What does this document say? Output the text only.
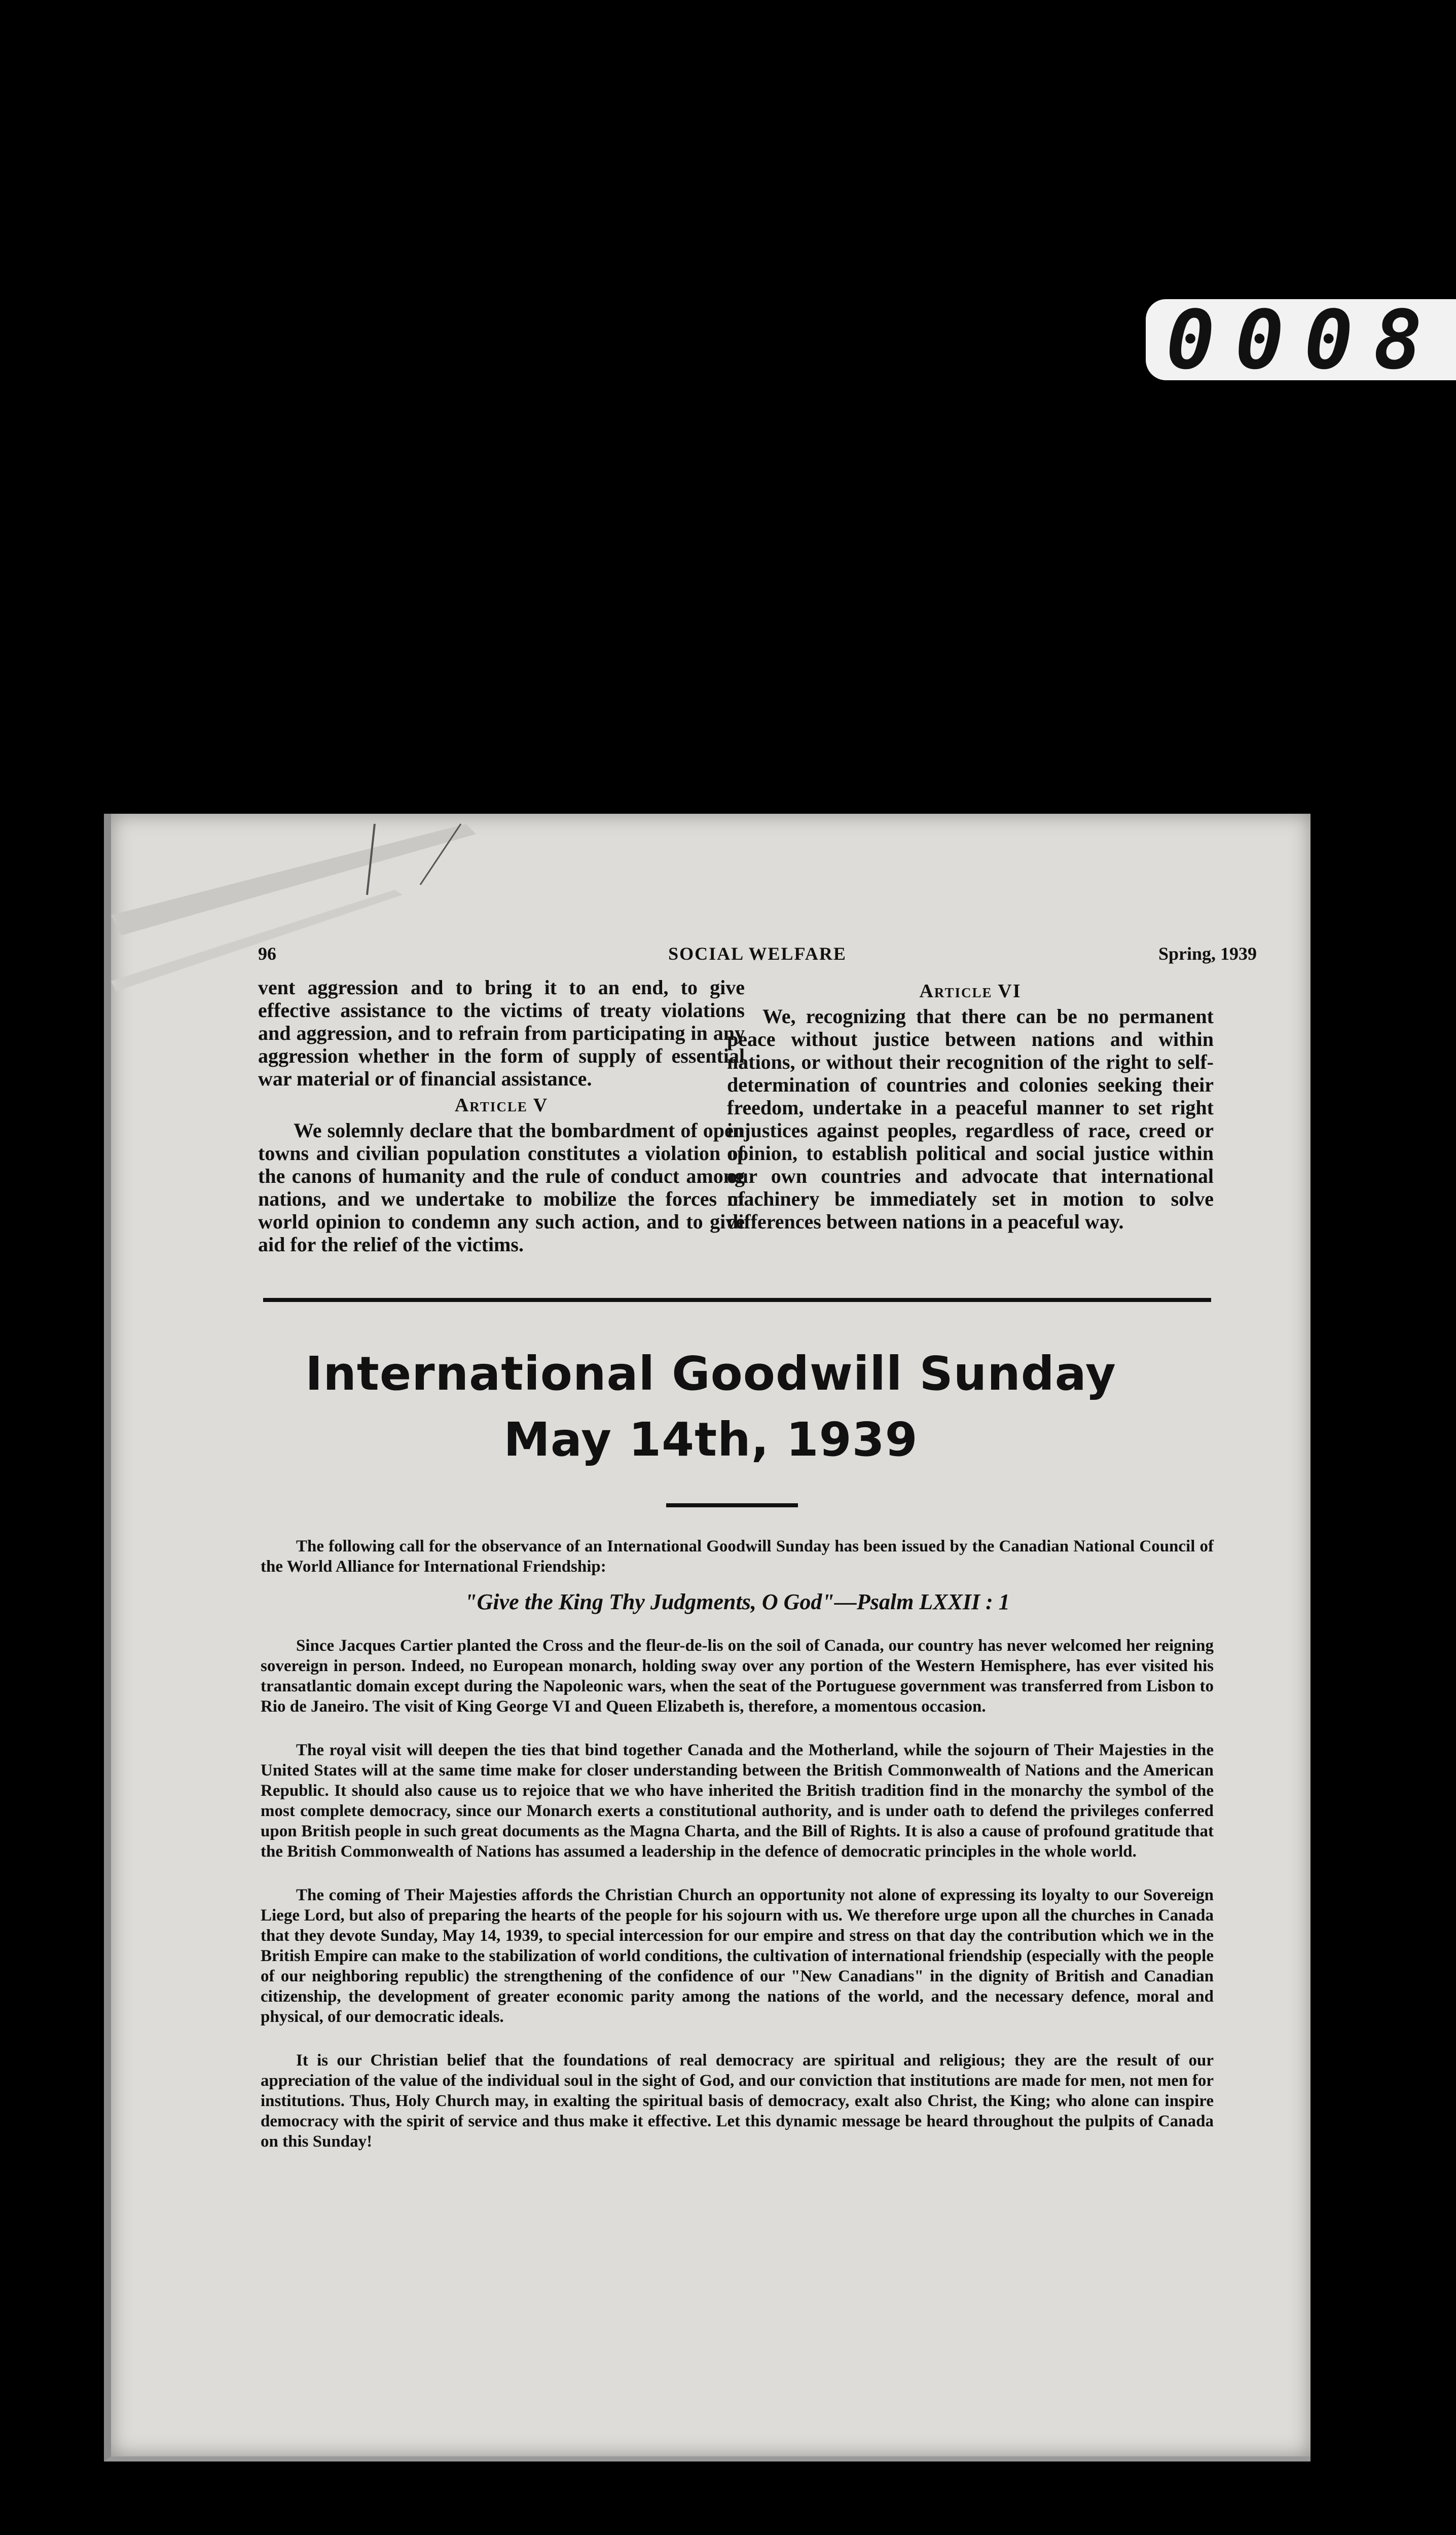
0008
96	SOCIAL WELFARE	Spring, 1939

vent aggression and to bring it to an end, to give effective assistance to the victims of treaty violations and aggression, and to refrain from participating in any aggression whether in the form of supply of essential war material or of financial assistance.

Article V

We solemnly declare that the bombardment of open towns and civilian population constitutes a violation of the canons of humanity and the rule of conduct among nations, and we undertake to mobilize the forces of world opinion to condemn any such action, and to give aid for the relief of the victims.

Article VI

We, recognizing that there can be no permanent peace without justice between nations and within nations, or without their recognition of the right to self-determination of countries and colonies seeking their freedom, undertake in a peaceful manner to set right injustices against peoples, regardless of race, creed or opinion, to establish political and social justice within our own countries and advocate that international machinery be immediately set in motion to solve differences between nations in a peaceful way.

International Goodwill Sunday
May 14th, 1939

The following call for the observance of an International Goodwill Sunday has been issued by the Canadian National Council of the World Alliance for International Friendship:

"Give the King Thy Judgments, O God"—Psalm LXXII : 1

Since Jacques Cartier planted the Cross and the fleur-de-lis on the soil of Canada, our country has never welcomed her reigning sovereign in person. Indeed, no European monarch, holding sway over any portion of the Western Hemisphere, has ever visited his transatlantic domain except during the Napoleonic wars, when the seat of the Portuguese government was transferred from Lisbon to Rio de Janeiro. The visit of King George VI and Queen Elizabeth is, therefore, a momentous occasion.

The royal visit will deepen the ties that bind together Canada and the Motherland, while the sojourn of Their Majesties in the United States will at the same time make for closer understanding between the British Commonwealth of Nations and the American Republic. It should also cause us to rejoice that we who have inherited the British tradition find in the monarchy the symbol of the most complete democracy, since our Monarch exerts a constitutional authority, and is under oath to defend the privileges conferred upon British people in such great documents as the Magna Charta, and the Bill of Rights. It is also a cause of profound gratitude that the British Commonwealth of Nations has assumed a leadership in the defence of democratic principles in the whole world.

The coming of Their Majesties affords the Christian Church an opportunity not alone of expressing its loyalty to our Sovereign Liege Lord, but also of preparing the hearts of the people for his sojourn with us. We therefore urge upon all the churches in Canada that they devote Sunday, May 14, 1939, to special intercession for our empire and stress on that day the contribution which we in the British Empire can make to the stabilization of world conditions, the cultivation of international friendship (especially with the people of our neighboring republic) the strengthening of the confidence of our "New Canadians" in the dignity of British and Canadian citizenship, the development of greater economic parity among the nations of the world, and the necessary defence, moral and physical, of our democratic ideals.

It is our Christian belief that the foundations of real democracy are spiritual and religious; they are the result of our appreciation of the value of the individual soul in the sight of God, and our conviction that institutions are made for men, not men for institutions. Thus, Holy Church may, in exalting the spiritual basis of democracy, exalt also Christ, the King; who alone can inspire democracy with the spirit of service and thus make it effective. Let this dynamic message be heard throughout the pulpits of Canada on this Sunday!
